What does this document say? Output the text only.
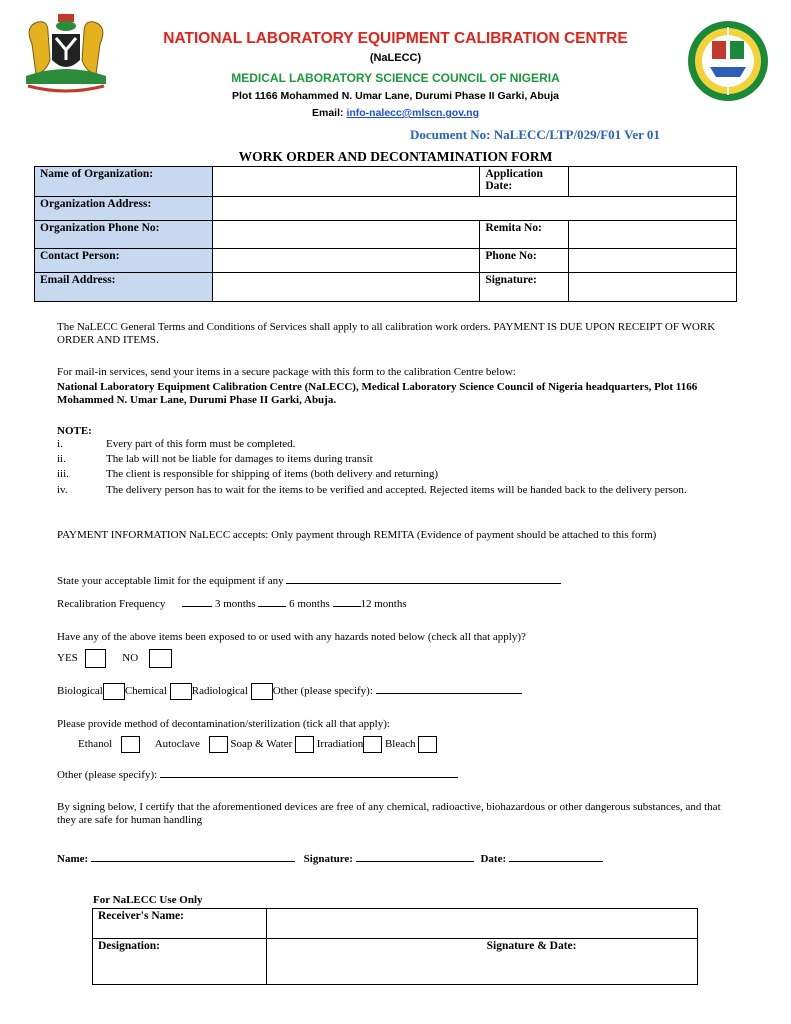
NATIONAL LABORATORY EQUIPMENT CALIBRATION CENTRE
(NaLECC)
MEDICAL LABORATORY SCIENCE COUNCIL OF NIGERIA
Plot 1166 Mohammed N. Umar Lane, Durumi Phase II Garki, Abuja
Email: info-nalecc@mlscn.gov.ng
Document No: NaLECC/LTP/029/F01 Ver 01
WORK ORDER AND DECONTAMINATION FORM
Name of Organization:		Application Date:	
Organization Address:			
Organization Phone No:		Remita No:	
Contact Person:		Phone No:	
Email Address:		Signature:	
The NaLECC General Terms and Conditions of Services shall apply to all calibration work orders. PAYMENT IS DUE UPON RECEIPT OF WORK ORDER AND ITEMS.
For mail-in services, send your items in a secure package with this form to the calibration Centre below:
National Laboratory Equipment Calibration Centre (NaLECC), Medical Laboratory Science Council of Nigeria headquarters, Plot 1166 Mohammed N. Umar Lane, Durumi Phase II Garki, Abuja.
NOTE:
i.	Every part of this form must be completed.
ii.	The lab will not be liable for damages to items during transit
iii.	The client is responsible for shipping of items (both delivery and returning)
iv.	The delivery person has to wait for the items to be verified and accepted. Rejected items will be handed back to the delivery person.
PAYMENT INFORMATION NaLECC accepts: Only payment through REMITA (Evidence of payment should be attached to this form)
State your acceptable limit for the equipment if any
Recalibration Frequency	3 months	6 months	12 months
Have any of the above items been exposed to or used with any hazards noted below (check all that apply)?
YES	NO
Biological Chemical Radiological Other (please specify):
Please provide method of decontamination/sterilization (tick all that apply):
Ethanol	Autoclave	Soap & Water Irradiation Bleach
Other (please specify):
By signing below, I certify that the aforementioned devices are free of any chemical, radioactive, biohazardous or other dangerous substances, and that they are safe for human handling
Name:	Signature:	Date:
For NaLECC Use Only
Receiver's Name:	
Designation:	Signature & Date:
